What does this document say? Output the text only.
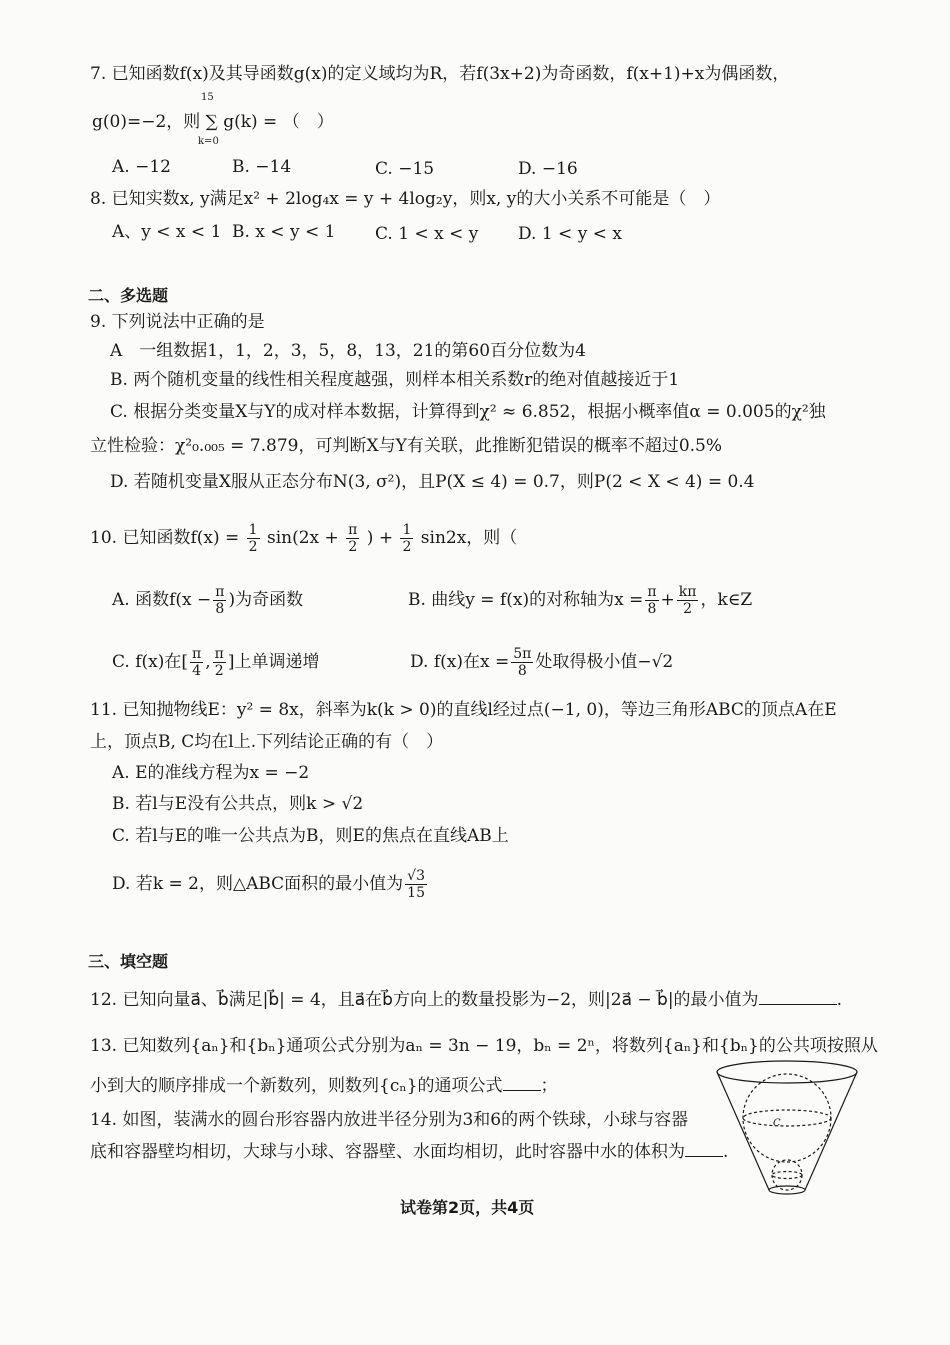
7. 已知函数f(x)及其导函数g(x)的定义域均为R，若f(3x+2)为奇函数，f(x+1)+x为偶函数，
g(0)=−2，则 ∑ g(k) = （　）
15
k=0
A. −12	B. −14	C. −15	D. −16
8. 已知实数x, y满足x² + 2log₄x = y + 4log₂y，则x, y的大小关系不可能是（　）
A、y < x < 1 B. x < y < 1 C. 1 < x < y D. 1 < y < x
二、多选题
9. 下列说法中正确的是
A　一组数据1，1，2，3，5，8，13，21的第60百分位数为4
B. 两个随机变量的线性相关程度越强，则样本相关系数r的绝对值越接近于1
C. 根据分类变量X与Y的成对样本数据，计算得到χ² ≈ 6.852，根据小概率值α = 0.005的χ²独
立性检验：χ²₀.₀₀₅ = 7.879，可判断X与Y有关联，此推断犯错误的概率不超过0.5%
D. 若随机变量X服从正态分布N(3, σ²)，且P(X ≤ 4) = 0.7，则P(2 < X < 4) = 0.4
10. 已知函数$f(x) = \frac{1}{2} \sin(2x + \frac{\pi}{2}$ ) + $\frac{1}{2} \sin 2x$，则（
A. 函数$f(x - \frac{\pi}{8}$ )为奇函数	B. 曲线y = f(x)的对称轴为$x = \frac{\pi}{8} + \frac{k\pi}{2}$ ，k∈Z
C. f(x)在[ $\frac{\pi}{4}$ , $\frac{\pi}{2}$ ]上单调递增	D. f(x)在$x = \frac{5\pi}{8}$ 处取得极小值−√2
11. 已知抛物线E：y² = 8x，斜率为k(k > 0)的直线l经过点(−1, 0)，等边三角形ABC的顶点A在E
上，顶点B, C均在l上.下列结论正确的有（　）
A. E的准线方程为x = −2
B. 若l与E没有公共点，则k > √2
C. 若l与E的唯一公共点为B，则E的焦点在直线AB上
D. 若k = 2，则△ABC面积的最小值为 $\frac{√3}{15}$
三、填空题
12. 已知向量a⃗、b⃗满足|b⃗| = 4，且a⃗在b⃗方向上的数量投影为−2，则|2a⃗ − b⃗|的最小值为	.
13. 已知数列{aₙ}和{bₙ}通项公式分别为aₙ = 3n − 19，bₙ = 2ⁿ，将数列{aₙ}和{bₙ}的公共项按照从
小到大的顺序排成一个新数列，则数列{cₙ}的通项公式 ；
14. 如图，装满水的圆台形容器内放进半径分别为3和6的两个铁球，小球与容器
底和容器壁均相切，大球与小球、容器壁、水面均相切，此时容器中水的体积为 .
C
试卷第2页，共4页
